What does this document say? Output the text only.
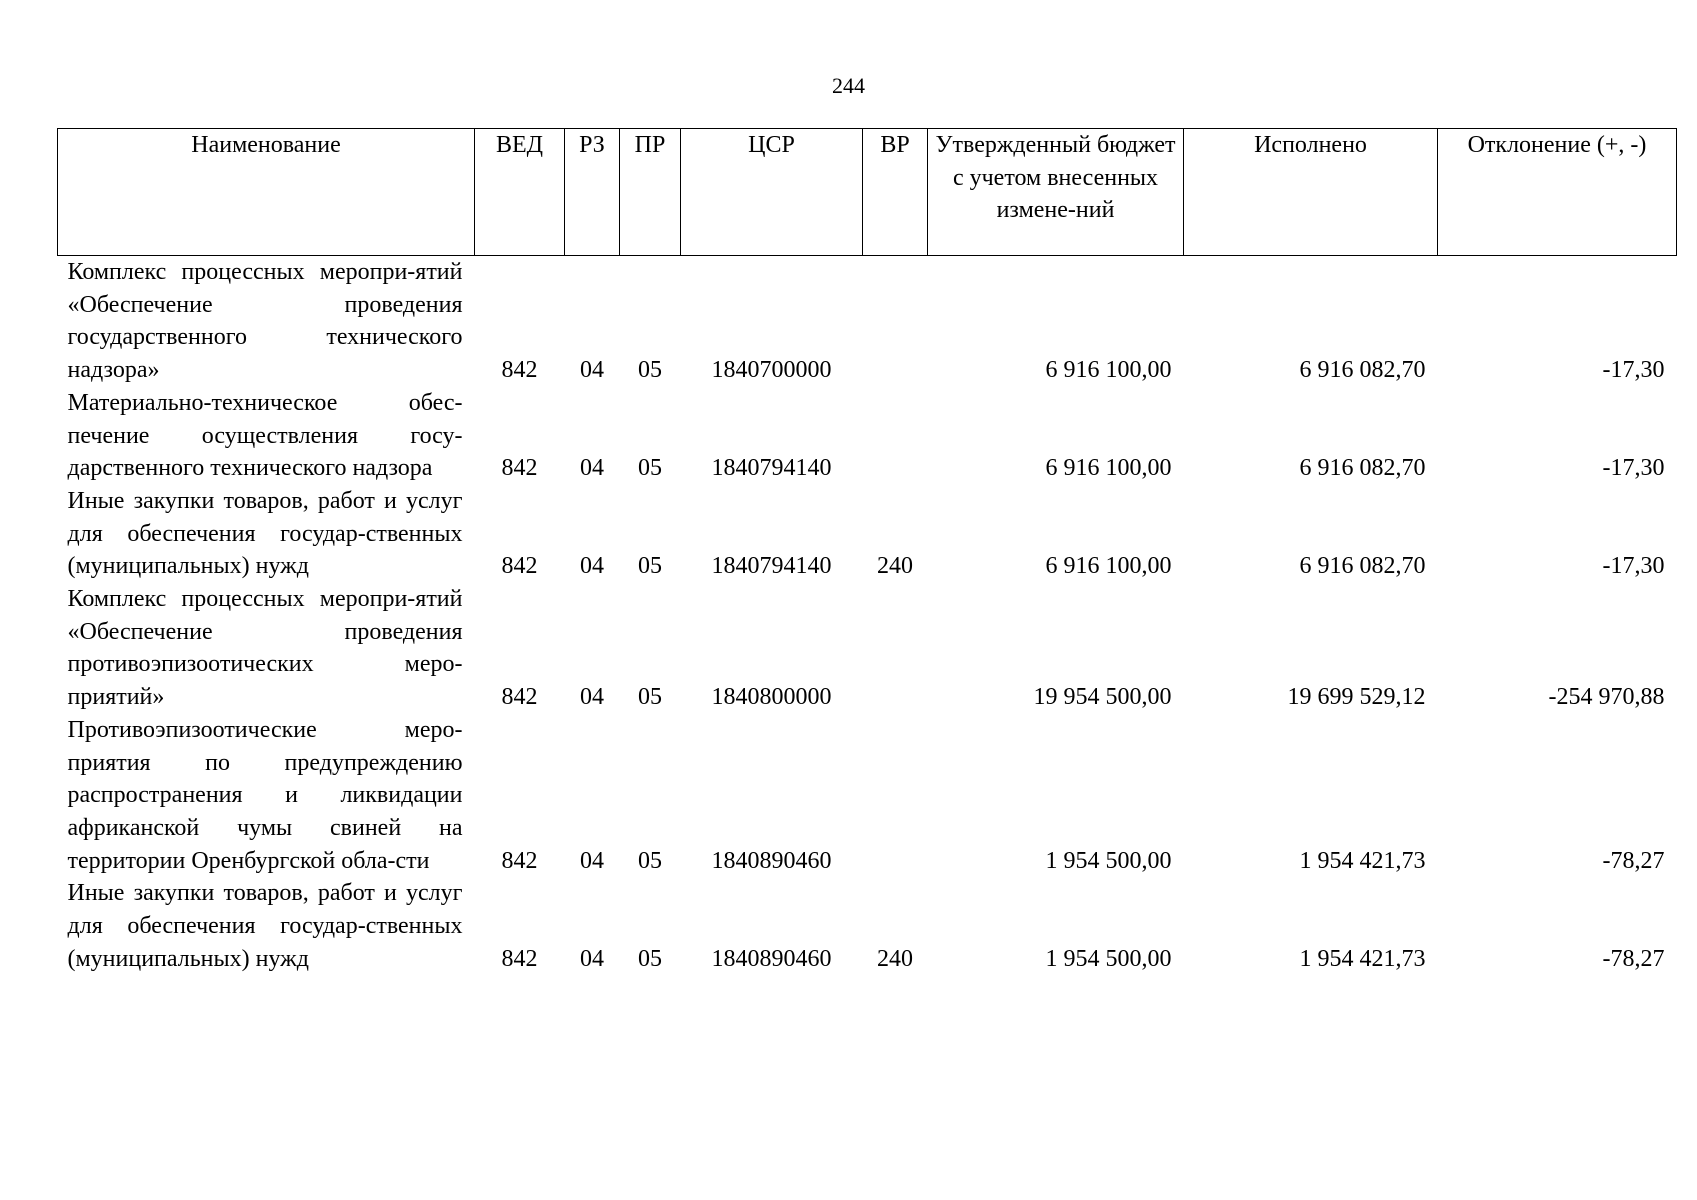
244
Наименование	ВЕД	РЗ	ПР	ЦСР	ВР	Утвержденный бюджет с учетом внесенных измене-ний	Исполнено	Отклонение (+, -)
Комплекс процессных меропри-ятий «Обеспечение проведения государственного технического надзора»	842	04	05	1840700000		6 916 100,00	6 916 082,70	-17,30
Материально-техническое обес-печение осуществления госу-дарственного технического надзора	842	04	05	1840794140		6 916 100,00	6 916 082,70	-17,30
Иные закупки товаров, работ и услуг для обеспечения государ-ственных (муниципальных) нужд	842	04	05	1840794140	240	6 916 100,00	6 916 082,70	-17,30
Комплекс процессных меропри-ятий «Обеспечение проведения противоэпизоотических меро-приятий»	842	04	05	1840800000		19 954 500,00	19 699 529,12	-254 970,88
Противоэпизоотические меро-приятия по предупреждению распространения и ликвидации африканской чумы свиней на территории Оренбургской обла-сти	842	04	05	1840890460		1 954 500,00	1 954 421,73	-78,27
Иные закупки товаров, работ и услуг для обеспечения государ-ственных (муниципальных) нужд	842	04	05	1840890460	240	1 954 500,00	1 954 421,73	-78,27
